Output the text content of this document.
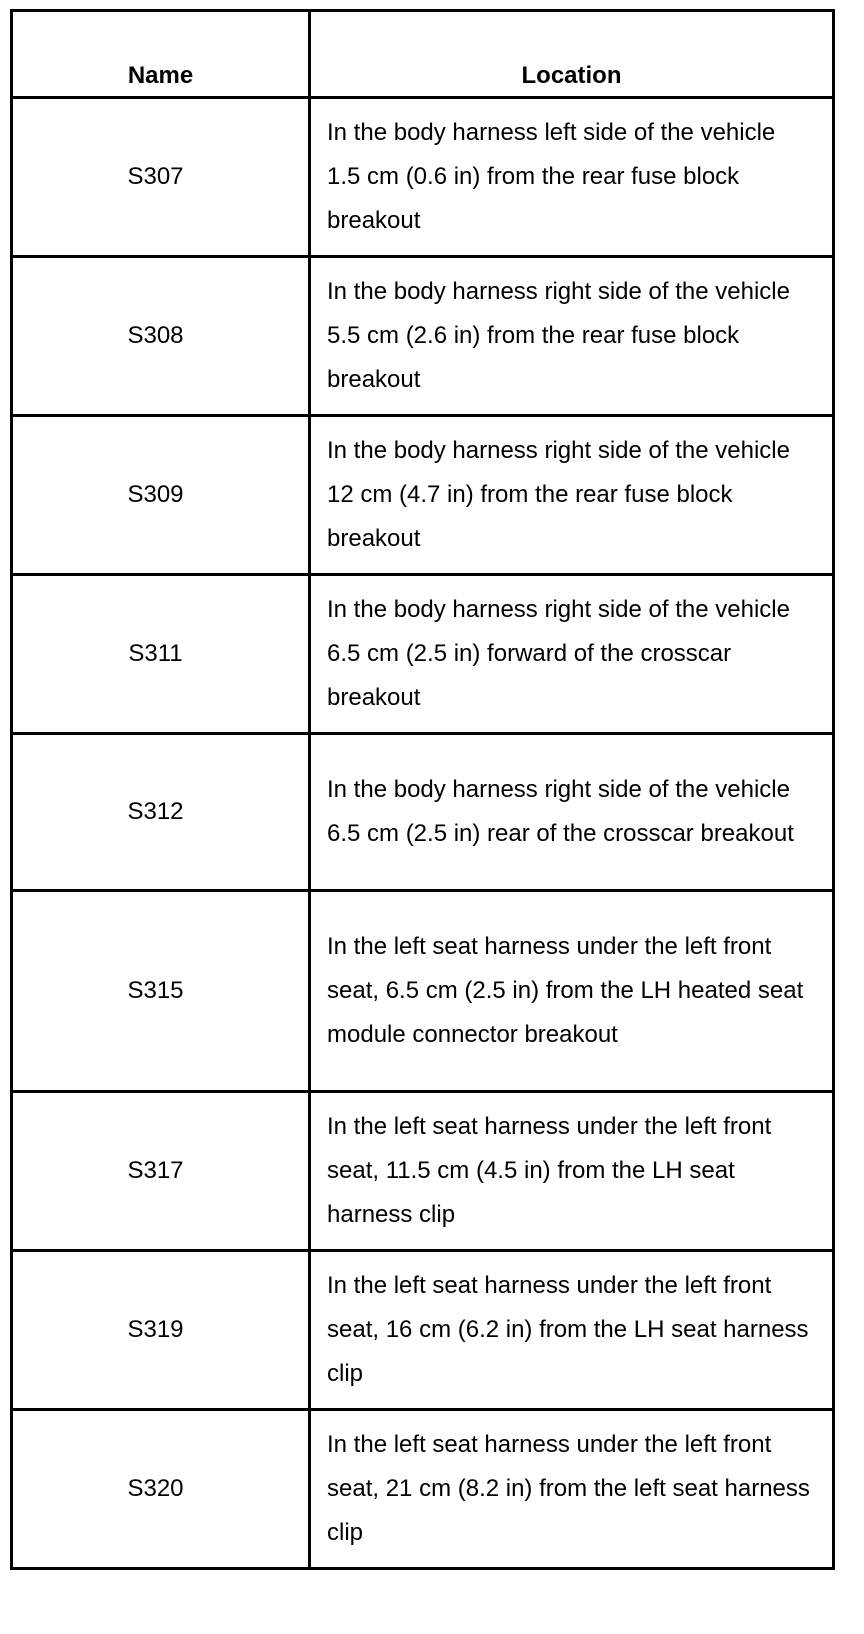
Name	Location
S307	In the body harness left side of the vehicle 1.5 cm (0.6 in) from the rear fuse block breakout
S308	In the body harness right side of the vehicle 5.5 cm (2.6 in) from the rear fuse block breakout
S309	In the body harness right side of the vehicle 12 cm (4.7 in) from the rear fuse block breakout
S311	In the body harness right side of the vehicle 6.5 cm (2.5 in) forward of the crosscar breakout
S312	In the body harness right side of the vehicle 6.5 cm (2.5 in) rear of the crosscar breakout
S315	In the left seat harness under the left front seat, 6.5 cm (2.5 in) from the LH heated seat module connector breakout
S317	In the left seat harness under the left front seat, 11.5 cm (4.5 in) from the LH seat harness clip
S319	In the left seat harness under the left front seat, 16 cm (6.2 in) from the LH seat harness clip
S320	In the left seat harness under the left front seat, 21 cm (8.2 in) from the left seat harness clip
